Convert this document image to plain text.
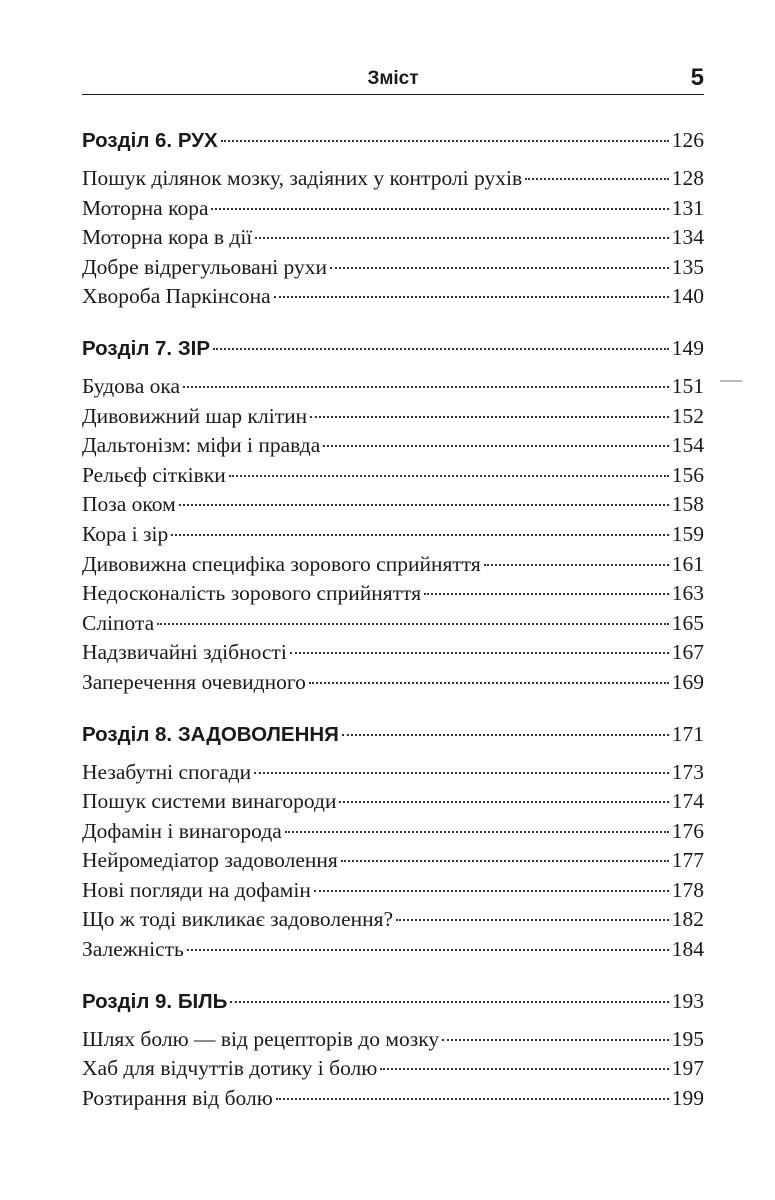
Зміст	5
Розділ 6. РУХ	126
Пошук ділянок мозку, задіяних у контролі рухів	128
Моторна кора	131
Моторна кора в дії	134
Добре відрегульовані рухи	135
Хвороба Паркінсона	140
Розділ 7. ЗІР	149
Будова ока	151
Дивовижний шар клітин	152
Дальтонізм: міфи і правда	154
Рельєф сітківки	156
Поза оком	158
Кора і зір	159
Дивовижна специфіка зорового сприйняття	161
Недосконалість зорового сприйняття	163
Сліпота	165
Надзвичайні здібності	167
Заперечення очевидного	169
Розділ 8. ЗАДОВОЛЕННЯ	171
Незабутні спогади	173
Пошук системи винагороди	174
Дофамін і винагорода	176
Нейромедіатор задоволення	177
Нові погляди на дофамін	178
Що ж тоді викликає задоволення?	182
Залежність	184
Розділ 9. БІЛЬ	193
Шлях болю — від рецепторів до мозку	195
Хаб для відчуттів дотику і болю	197
Розтирання від болю	199
